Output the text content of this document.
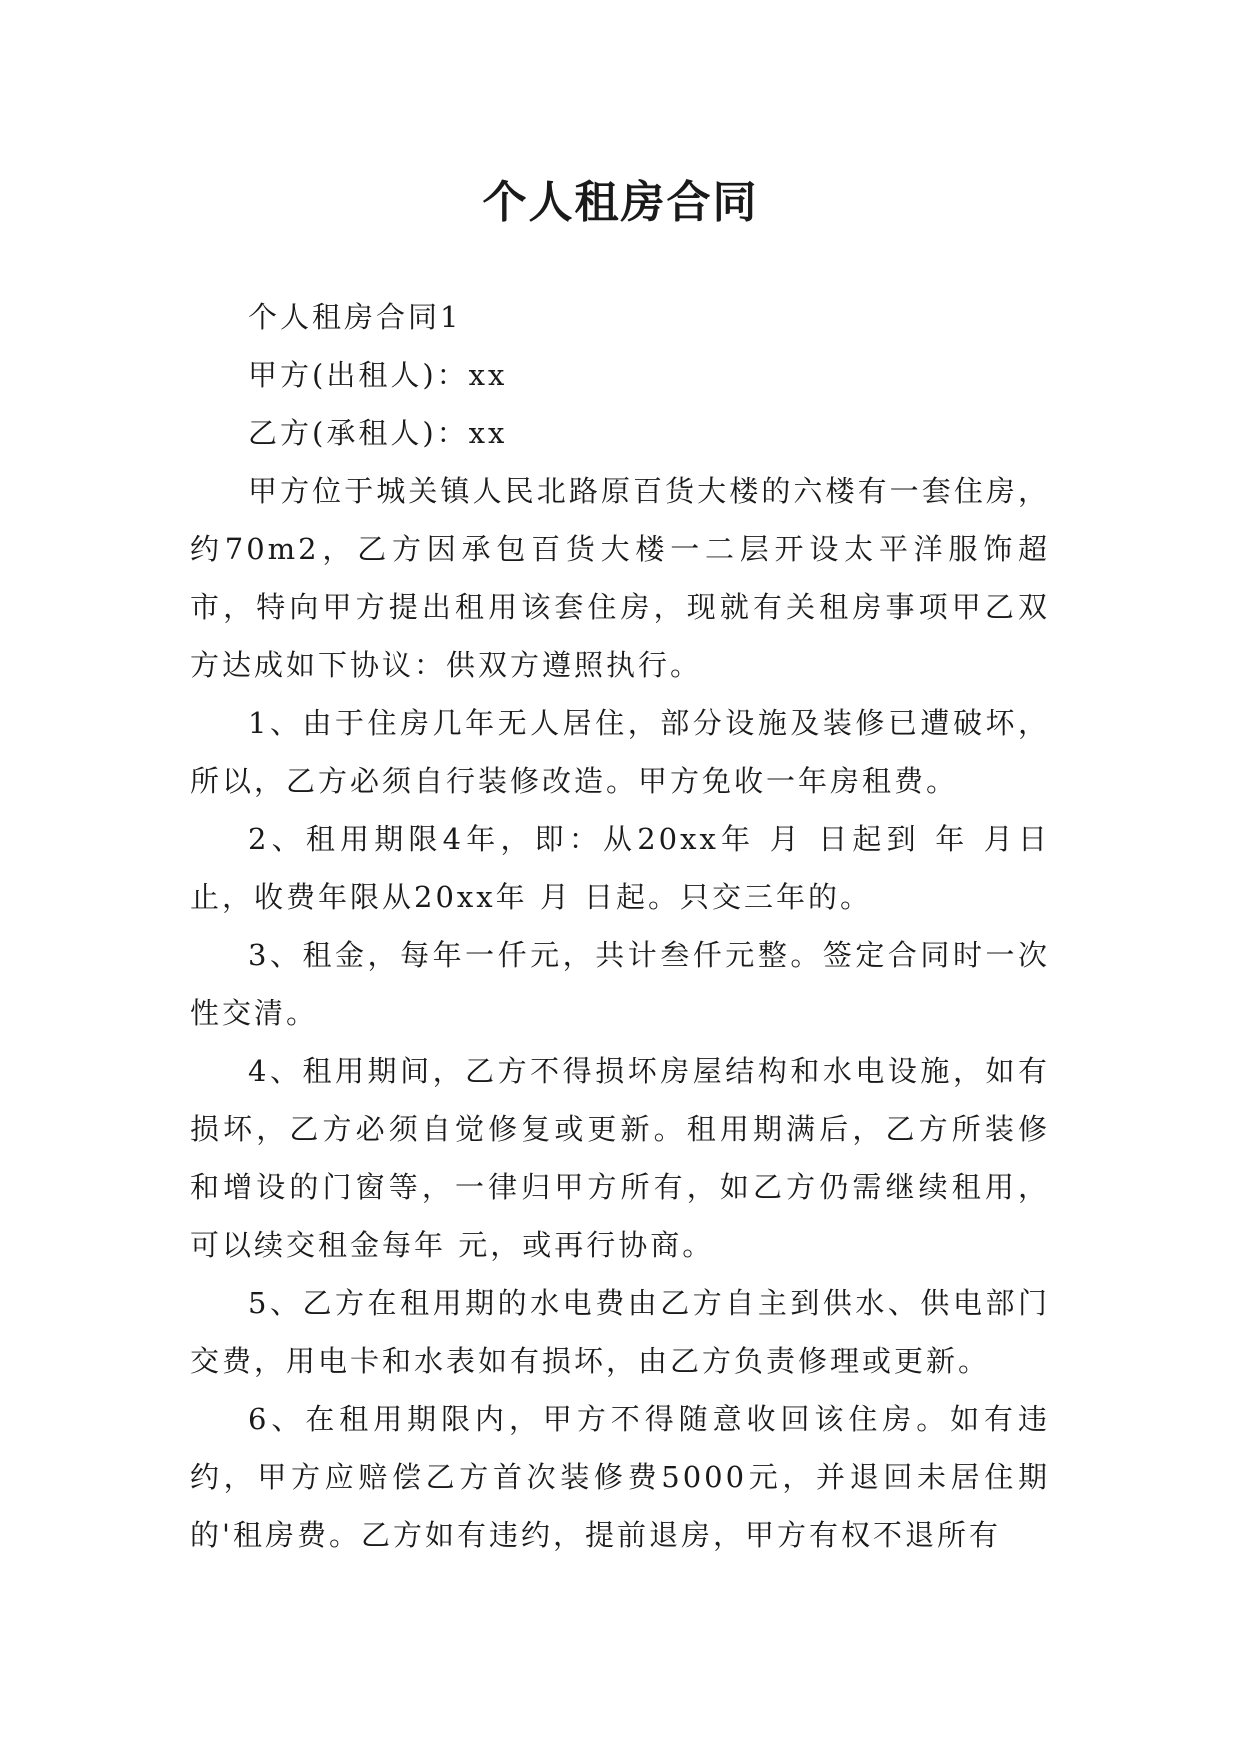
个人租房合同

个人租房合同1

甲方(出租人)：xx

乙方(承租人)：xx

甲方位于城关镇人民北路原百货大楼的六楼有一套住房，约70m2，乙方因承包百货大楼一二层开设太平洋服饰超市，特向甲方提出租用该套住房，现就有关租房事项甲乙双方达成如下协议：供双方遵照执行。

1、由于住房几年无人居住，部分设施及装修已遭破坏，所以，乙方必须自行装修改造。甲方免收一年房租费。

2、租用期限4年，即：从20xx年 月 日起到 年 月日止，收费年限从20xx年 月 日起。只交三年的。

3、租金，每年一仟元，共计叁仟元整。签定合同时一次性交清。

4、租用期间，乙方不得损坏房屋结构和水电设施，如有损坏，乙方必须自觉修复或更新。租用期满后，乙方所装修和增设的门窗等，一律归甲方所有，如乙方仍需继续租用，可以续交租金每年 元，或再行协商。

5、乙方在租用期的水电费由乙方自主到供水、供电部门交费，用电卡和水表如有损坏，由乙方负责修理或更新。

6、在租用期限内，甲方不得随意收回该住房。如有违约，甲方应赔偿乙方首次装修费5000元，并退回未居住期的'租房费。乙方如有违约，提前退房，甲方有权不退所有
